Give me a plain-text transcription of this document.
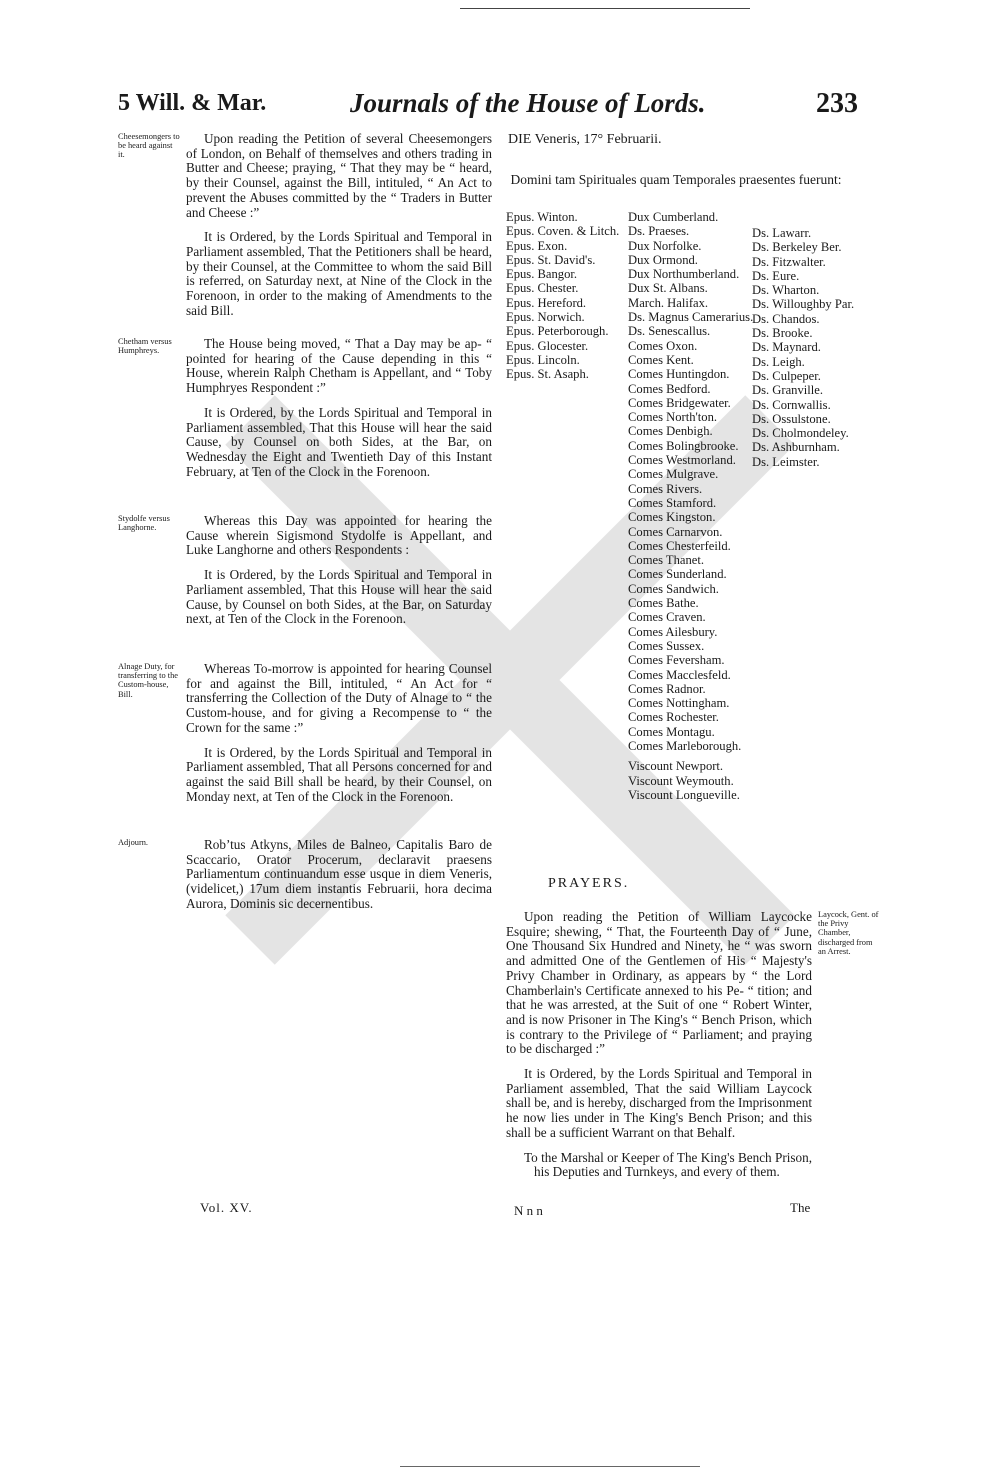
5 Will. & Mar.	Journals of the House of Lords.	233
Cheesemongers to be heard against it.
Chetham versus Humphreys.
Stydolfe versus Langhorne.
Alnage Duty, for transferring to the Custom-house, Bill.
Adjourn.

Upon reading the Petition of several Cheesemongers of London, on Behalf of themselves and others trading in Butter and Cheese; praying, “ That they may be “ heard, by their Counsel, against the Bill, intituled, “ An Act to prevent the Abuses committed by the “ Traders in Butter and Cheese :”

It is Ordered, by the Lords Spiritual and Temporal in Parliament assembled, That the Petitioners shall be heard, by their Counsel, at the Committee to whom the said Bill is referred, on Saturday next, at Nine of the Clock in the Forenoon, in order to the making of Amendments to the said Bill.

The House being moved, “ That a Day may be ap- “ pointed for hearing of the Cause depending in this “ House, wherein Ralph Chetham is Appellant, and “ Toby Humphryes Respondent :”

It is Ordered, by the Lords Spiritual and Temporal in Parliament assembled, That this House will hear the said Cause, by Counsel on both Sides, at the Bar, on Wednesday the Eight and Twentieth Day of this Instant February, at Ten of the Clock in the Forenoon.

Whereas this Day was appointed for hearing the Cause wherein Sigismond Stydolfe is Appellant, and Luke Langhorne and others Respondents :

It is Ordered, by the Lords Spiritual and Temporal in Parliament assembled, That this House will hear the said Cause, by Counsel on both Sides, at the Bar, on Saturday next, at Ten of the Clock in the Forenoon.

Whereas To-morrow is appointed for hearing Counsel for and against the Bill, intituled, “ An Act for “ transferring the Collection of the Duty of Alnage to “ the Custom-house, and for giving a Recompense to “ the Crown for the same :”

It is Ordered, by the Lords Spiritual and Temporal in Parliament assembled, That all Persons concerned for and against the said Bill shall be heard, by their Counsel, on Monday next, at Ten of the Clock in the Forenoon.

Rob’tus Atkyns, Miles de Balneo, Capitalis Baro de Scaccario, Orator Procerum, declaravit praesens Parliamentum continuandum esse usque in diem Veneris, (videlicet,) 17um diem instantis Februarii, hora decima Aurora, Dominis sic decernentibus.

DIE Veneris, 17° Februarii.
Domini tam Spirituales quam Temporales praesentes fuerunt:
Epus. Winton.
Epus. Coven. & Litch.
Epus. Exon.
Epus. St. David's.
Epus. Bangor.
Epus. Chester.
Epus. Hereford.
Epus. Norwich.
Epus. Peterborough.
Epus. Glocester.
Epus. Lincoln.
Epus. St. Asaph.
Dux Cumberland.
Ds. Praeses.
Dux Norfolke.
Dux Ormond.
Dux Northumberland.
Dux St. Albans.
March. Halifax.
Ds. Magnus Camerarius.
Ds. Senescallus.
Comes Oxon.
Comes Kent.
Comes Huntingdon.
Comes Bedford.
Comes Bridgewater.
Comes North'ton.
Comes Denbigh.
Comes Bolingbrooke.
Comes Westmorland.
Comes Mulgrave.
Comes Rivers.
Comes Stamford.
Comes Kingston.
Comes Carnarvon.
Comes Chesterfeild.
Comes Thanet.
Comes Sunderland.
Comes Sandwich.
Comes Bathe.
Comes Craven.
Comes Ailesbury.
Comes Sussex.
Comes Feversham.
Comes Macclesfeld.
Comes Radnor.
Comes Nottingham.
Comes Rochester.
Comes Montagu.
Comes Marleborough.
Viscount Newport.
Viscount Weymouth.
Viscount Longueville.
Ds. Lawarr.
Ds. Berkeley Ber.
Ds. Fitzwalter.
Ds. Eure.
Ds. Wharton.
Ds. Willoughby Par.
Ds. Chandos.
Ds. Brooke.
Ds. Maynard.
Ds. Leigh.
Ds. Culpeper.
Ds. Granville.
Ds. Cornwallis.
Ds. Ossulstone.
Ds. Cholmondeley.
Ds. Ashburnham.
Ds. Leimster.
PRAYERS.
Laycock, Gent. of the Privy Chamber, discharged from an Arrest.

Upon reading the Petition of William Laycocke Esquire; shewing, “ That, the Fourteenth Day of “ June, One Thousand Six Hundred and Ninety, he “ was sworn and admitted One of the Gentlemen of His “ Majesty's Privy Chamber in Ordinary, as appears by “ the Lord Chamberlain's Certificate annexed to his Pe- “ tition; and that he was arrested, at the Suit of one “ Robert Winter, and is now Prisoner in The King's “ Bench Prison, which is contrary to the Privilege of “ Parliament; and praying to be discharged :”

It is Ordered, by the Lords Spiritual and Temporal in Parliament assembled, That the said William Laycock shall be, and is hereby, discharged from the Imprisonment he now lies under in The King's Bench Prison; and this shall be a sufficient Warrant on that Behalf.

To the Marshal or Keeper of The King's Bench Prison, his Deputies and Turnkeys, and every of them.

Vol. XV.	N n n	The
